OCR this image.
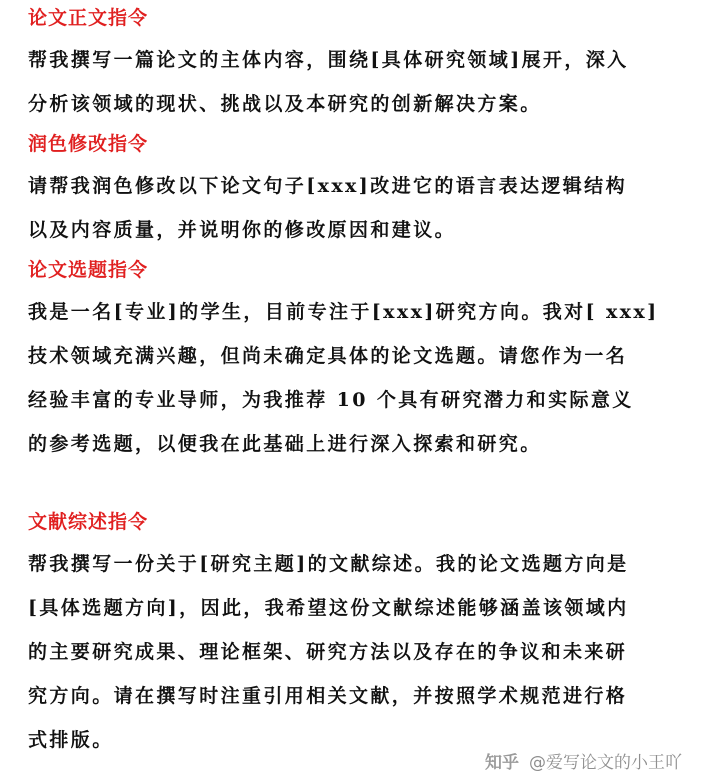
论文正文指令

帮我撰写一篇论文的主体内容，围绕[具体研究领域]展开，深入

分析该领域的现状、挑战以及本研究的创新解决方案。

润色修改指令

请帮我润色修改以下论文句子[xxx]改进它的语言表达逻辑结构

以及内容质量，并说明你的修改原因和建议。

论文选题指令

我是一名[专业]的学生，目前专注于[xxx]研究方向。我对[ xxx]

技术领域充满兴趣，但尚未确定具体的论文选题。请您作为一名

经验丰富的专业导师，为我推荐 10 个具有研究潜力和实际意义

的参考选题，以便我在此基础上进行深入探索和研究。

文献综述指令

帮我撰写一份关于[研究主题]的文献综述。我的论文选题方向是

[具体选题方向]，因此，我希望这份文献综述能够涵盖该领域内

的主要研究成果、理论框架、研究方法以及存在的争议和未来研

究方向。请在撰写时注重引用相关文献，并按照学术规范进行格

式排版。

知乎 @爱写论文的小王吖
